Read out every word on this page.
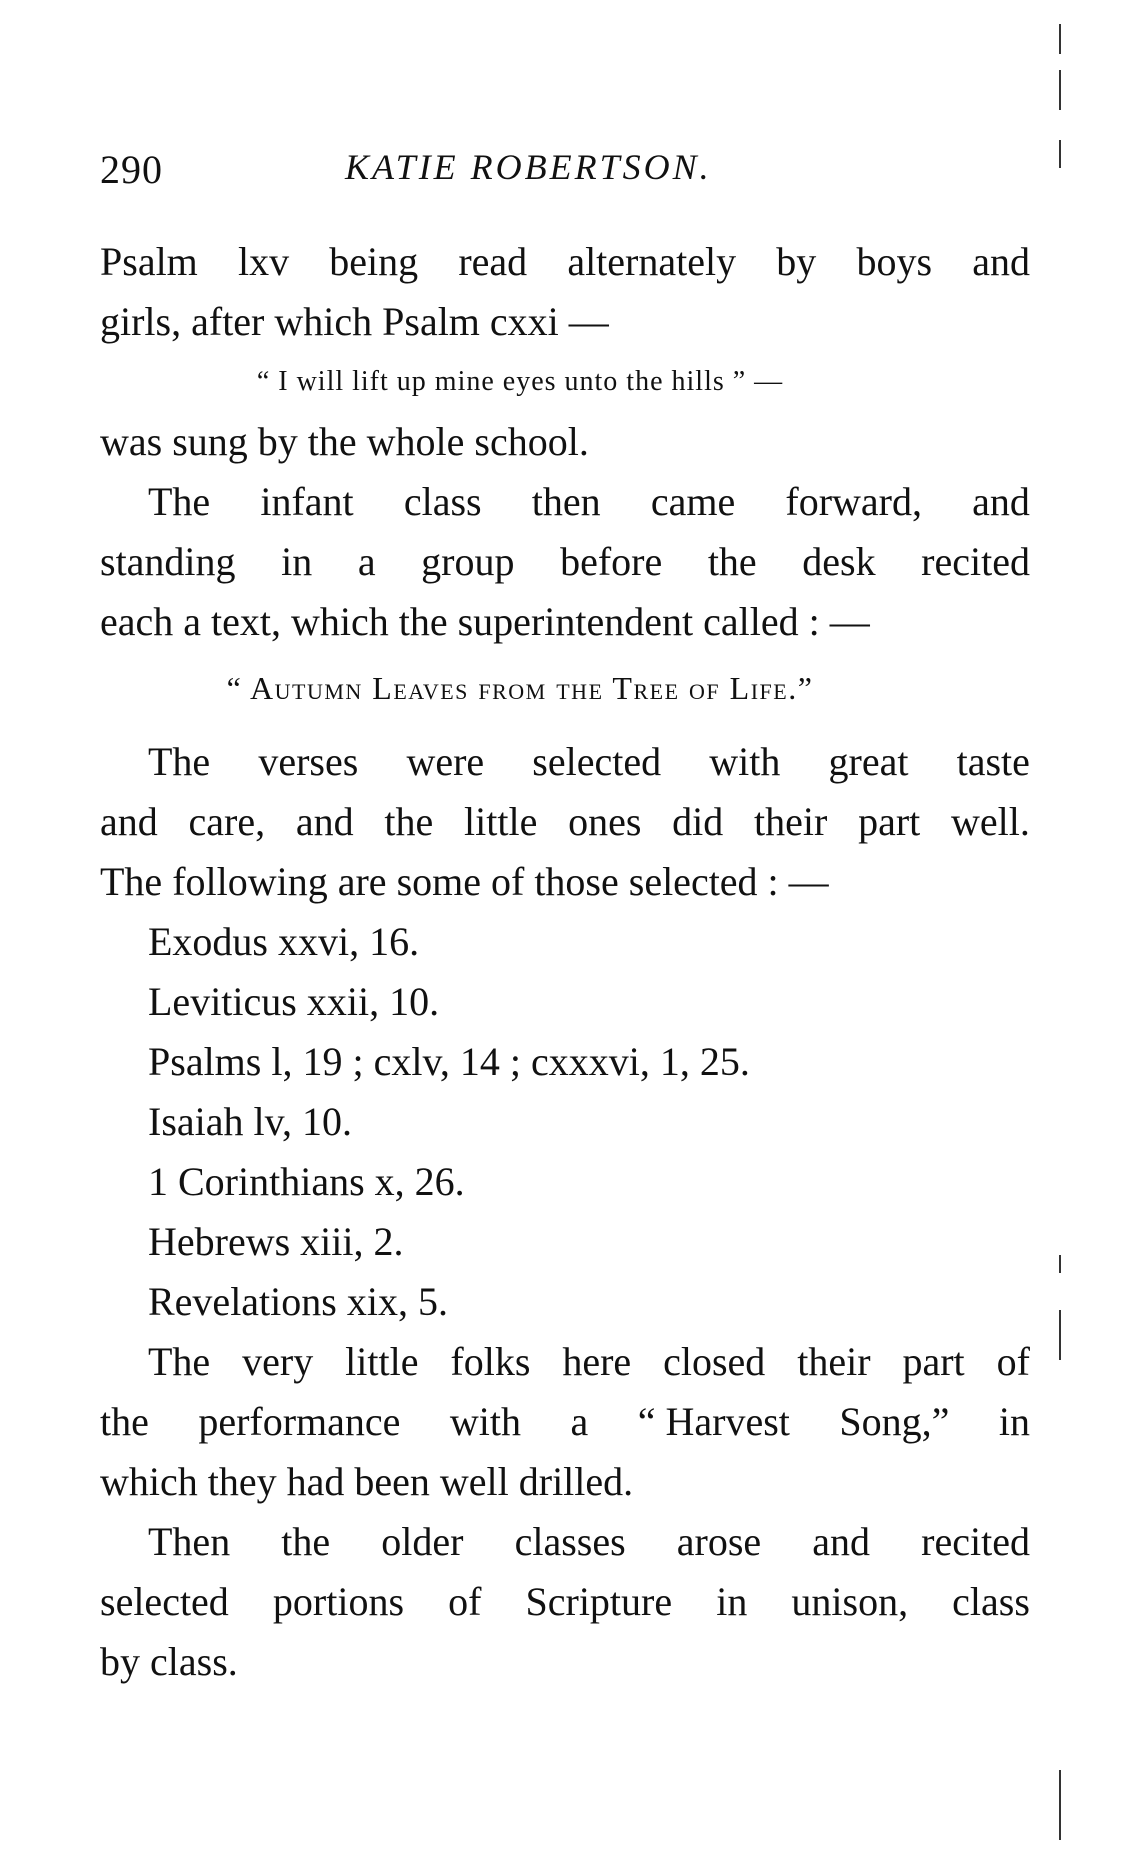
290	KATIE ROBERTSON.
Psalm lxv being read alternately by boys and
girls, after which Psalm cxxi —
“ I will lift up mine eyes unto the hills ” —
was sung by the whole school.
The infant class then came forward, and
standing in a group before the desk recited
each a text, which the superintendent called : —
“ Autumn Leaves from the Tree of Life.”
The verses were selected with great taste
and care, and the little ones did their part well.
The following are some of those selected : —
Exodus xxvi, 16.
Leviticus xxii, 10.
Psalms l, 19 ; cxlv, 14 ; cxxxvi, 1, 25.
Isaiah lv, 10.
1 Corinthians x, 26.
Hebrews xiii, 2.
Revelations xix, 5.
The very little folks here closed their part of
the performance with a “ Harvest Song,” in
which they had been well drilled.
Then the older classes arose and recited
selected portions of Scripture in unison, class
by class.
